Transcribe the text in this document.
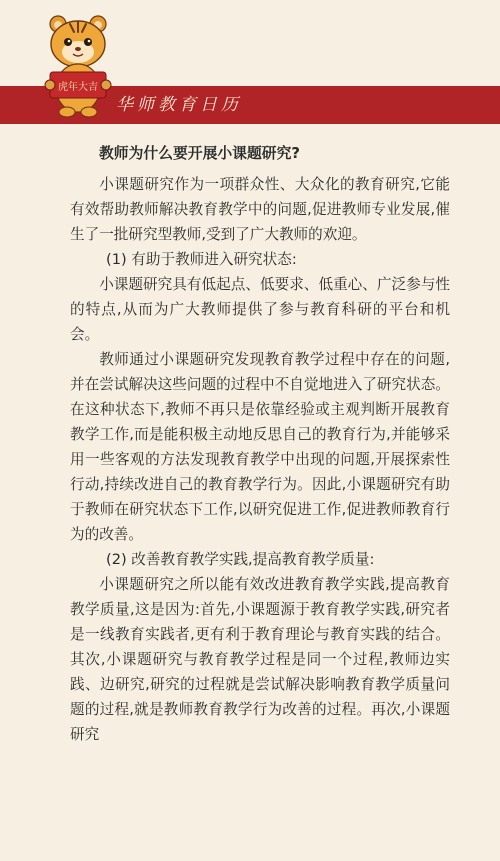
华师教育日历
虎年大吉
教师为什么要开展小课题研究?

小课题研究作为一项群众性、大众化的教育研究,它能有效帮助教师解决教育教学中的问题,促进教师专业发展,催生了一批研究型教师,受到了广大教师的欢迎。

(1) 有助于教师进入研究状态:

小课题研究具有低起点、低要求、低重心、广泛参与性的特点,从而为广大教师提供了参与教育科研的平台和机会。

教师通过小课题研究发现教育教学过程中存在的问题,并在尝试解决这些问题的过程中不自觉地进入了研究状态。在这种状态下,教师不再只是依靠经验或主观判断开展教育教学工作,而是能积极主动地反思自己的教育行为,并能够采用一些客观的方法发现教育教学中出现的问题,开展探索性行动,持续改进自己的教育教学行为。因此,小课题研究有助于教师在研究状态下工作,以研究促进工作,促进教师教育行为的改善。

(2) 改善教育教学实践,提高教育教学质量:

小课题研究之所以能有效改进教育教学实践,提高教育教学质量,这是因为:首先,小课题源于教育教学实践,研究者是一线教育实践者,更有利于教育理论与教育实践的结合。其次,小课题研究与教育教学过程是同一个过程,教师边实践、边研究,研究的过程就是尝试解决影响教育教学质量问题的过程,就是教师教育教学行为改善的过程。再次,小课题研究
